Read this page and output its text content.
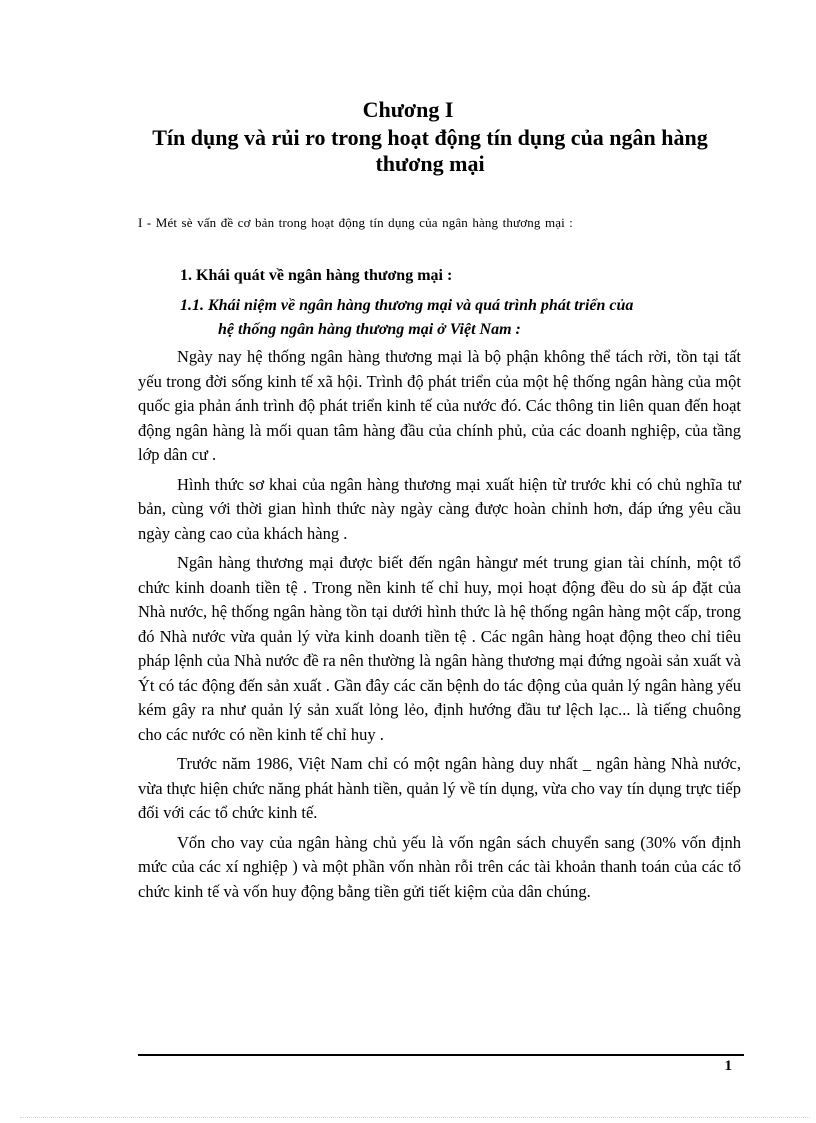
Chương I
Tín dụng và rủi ro trong hoạt động tín dụng của ngân hàng thương mại
I - Mét sè vấn đề cơ bản trong hoạt động tín dụng của ngân hàng thương mại :
1. Khái quát về ngân hàng thương mại :
1.1. Khái niệm về ngân hàng thương mại và quá trình phát triển của
hệ thống ngân hàng thương mại ở Việt Nam :

Ngày nay hệ thống ngân hàng thương mại là bộ phận không thể tách rời, tồn tại tất yếu trong đời sống kinh tế xã hội. Trình độ phát triển của một hệ thống ngân hàng của một quốc gia phản ánh trình độ phát triển kinh tế của nước đó. Các thông tin liên quan đến hoạt động ngân hàng là mối quan tâm hàng đầu của chính phủ, của các doanh nghiệp, của tầng lớp dân cư .

Hình thức sơ khai của ngân hàng thương mại xuất hiện từ trước khi có chủ nghĩa tư bản, cùng với thời gian hình thức này ngày càng được hoàn chỉnh hơn, đáp ứng yêu cầu ngày càng cao của khách hàng .

Ngân hàng thương mại được biết đến ngân hàngư mét trung gian tài chính, một tổ chức kinh doanh tiền tệ . Trong nền kinh tế chỉ huy, mọi hoạt động đều do sù áp đặt của Nhà nước, hệ thống ngân hàng tồn tại dưới hình thức là hệ thống ngân hàng một cấp, trong đó Nhà nước vừa quản lý vừa kinh doanh tiền tệ . Các ngân hàng hoạt động theo chỉ tiêu pháp lệnh của Nhà nước đề ra nên thường là ngân hàng thương mại đứng ngoài sản xuất và Ýt có tác động đến sản xuất . Gần đây các căn bệnh do tác động của quản lý ngân hàng yếu kém gây ra như quản lý sản xuất lỏng lẻo, định hướng đầu tư lệch lạc... là tiếng chuông cho các nước có nền kinh tế chỉ huy .

Trước năm 1986, Việt Nam chỉ có một ngân hàng duy nhất _ ngân hàng Nhà nước, vừa thực hiện chức năng phát hành tiền, quản lý về tín dụng, vừa cho vay tín dụng trực tiếp đối với các tổ chức kinh tế.

Vốn cho vay của ngân hàng chủ yếu là vốn ngân sách chuyển sang (30% vốn định mức của các xí nghiệp ) và một phần vốn nhàn rỗi trên các tài khoản thanh toán của các tổ chức kinh tế và vốn huy động bằng tiền gửi tiết kiệm của dân chúng.

1
